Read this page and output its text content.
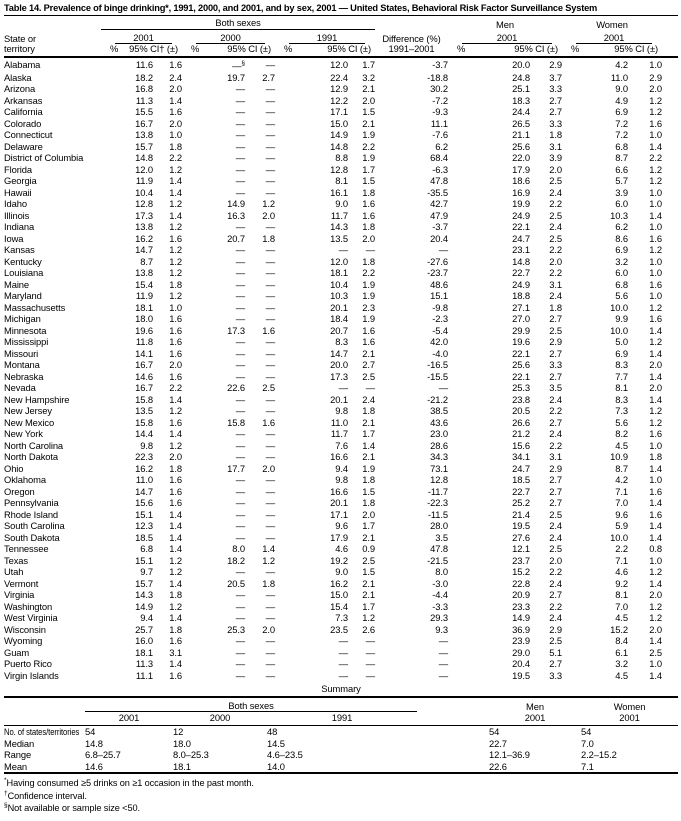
Table 14. Prevalence of binge drinking*, 1991, 2000, and 2001, and by sex, 2001 — United States, Behavioral Risk Factor Surveillance System
	Both sexes							Men		Women		
State or	2001		2000		1991		Difference (%)	2001		2001		

territory	% 95% CI† (±)		% 95% CI (±)		% 95% CI (±)		1991–2001	% 95% CI (±)		% 95% CI (±)		

Alabama	11.6	1.6	—§	—	12.0	1.7	-3.7	20.0	2.9	4.2	1.0	
Alaska	18.2	2.4	19.7	2.7	22.4	3.2	-18.8	24.8	3.7	11.0	2.9	
Arizona	16.8	2.0	—	—	12.9	2.1	30.2	25.1	3.3	9.0	2.0	
Arkansas	11.3	1.4	—	—	12.2	2.0	-7.2	18.3	2.7	4.9	1.2	
California	15.5	1.6	—	—	17.1	1.5	-9.3	24.4	2.7	6.9	1.2	
Colorado	16.7	2.0	—	—	15.0	2.1	11.1	26.5	3.3	7.2	1.6	
Connecticut	13.8	1.0	—	—	14.9	1.9	-7.6	21.1	1.8	7.2	1.0	
Delaware	15.7	1.8	—	—	14.8	2.2	6.2	25.6	3.1	6.8	1.4	
District of Columbia	14.8	2.2	—	—	8.8	1.9	68.4	22.0	3.9	8.7	2.2	
Florida	12.0	1.2	—	—	12.8	1.7	-6.3	17.9	2.0	6.6	1.2	
Georgia	11.9	1.4	—	—	8.1	1.5	47.8	18.6	2.5	5.7	1.2	
Hawaii	10.4	1.4	—	—	16.1	1.8	-35.5	16.9	2.4	3.9	1.0	
Idaho	12.8	1.2	14.9	1.2	9.0	1.6	42.7	19.9	2.2	6.0	1.0	
Illinois	17.3	1.4	16.3	2.0	11.7	1.6	47.9	24.9	2.5	10.3	1.4	
Indiana	13.8	1.2	—	—	14.3	1.8	-3.7	22.1	2.4	6.2	1.0	
Iowa	16.2	1.6	20.7	1.8	13.5	2.0	20.4	24.7	2.5	8.6	1.6	
Kansas	14.7	1.2	—	—	—	—	—	23.1	2.2	6.9	1.2	
Kentucky	8.7	1.2	—	—	12.0	1.8	-27.6	14.8	2.0	3.2	1.0	
Louisiana	13.8	1.2	—	—	18.1	2.2	-23.7	22.7	2.2	6.0	1.0	
Maine	15.4	1.8	—	—	10.4	1.9	48.6	24.9	3.1	6.8	1.6	
Maryland	11.9	1.2	—	—	10.3	1.9	15.1	18.8	2.4	5.6	1.0	
Massachusetts	18.1	1.0	—	—	20.1	2.3	-9.8	27.1	1.8	10.0	1.2	
Michigan	18.0	1.6	—	—	18.4	1.9	-2.3	27.0	2.7	9.9	1.6	
Minnesota	19.6	1.6	17.3	1.6	20.7	1.6	-5.4	29.9	2.5	10.0	1.4	
Mississippi	11.8	1.6	—	—	8.3	1.6	42.0	19.6	2.9	5.0	1.2	
Missouri	14.1	1.6	—	—	14.7	2.1	-4.0	22.1	2.7	6.9	1.4	
Montana	16.7	2.0	—	—	20.0	2.7	-16.5	25.6	3.3	8.3	2.0	
Nebraska	14.6	1.6	—	—	17.3	2.5	-15.5	22.1	2.7	7.7	1.4	
Nevada	16.7	2.2	22.6	2.5	—	—	—	25.3	3.5	8.1	2.0	
New Hampshire	15.8	1.4	—	—	20.1	2.4	-21.2	23.8	2.4	8.3	1.4	
New Jersey	13.5	1.2	—	—	9.8	1.8	38.5	20.5	2.2	7.3	1.2	
New Mexico	15.8	1.6	15.8	1.6	11.0	2.1	43.6	26.6	2.7	5.6	1.2	
New York	14.4	1.4	—	—	11.7	1.7	23.0	21.2	2.4	8.2	1.6	
North Carolina	9.8	1.2	—	—	7.6	1.4	28.6	15.6	2.2	4.5	1.0	
North Dakota	22.3	2.0	—	—	16.6	2.1	34.3	34.1	3.1	10.9	1.8	
Ohio	16.2	1.8	17.7	2.0	9.4	1.9	73.1	24.7	2.9	8.7	1.4	
Oklahoma	11.0	1.6	—	—	9.8	1.8	12.8	18.5	2.7	4.2	1.0	
Oregon	14.7	1.6	—	—	16.6	1.5	-11.7	22.7	2.7	7.1	1.6	
Pennsylvania	15.6	1.6	—	—	20.1	1.8	-22.3	25.2	2.7	7.0	1.4	
Rhode Island	15.1	1.4	—	—	17.1	2.0	-11.5	21.4	2.5	9.6	1.6	
South Carolina	12.3	1.4	—	—	9.6	1.7	28.0	19.5	2.4	5.9	1.4	
South Dakota	18.5	1.4	—	—	17.9	2.1	3.5	27.6	2.4	10.0	1.4	
Tennessee	6.8	1.4	8.0	1.4	4.6	0.9	47.8	12.1	2.5	2.2	0.8	
Texas	15.1	1.2	18.2	1.2	19.2	2.5	-21.5	23.7	2.0	7.1	1.0	
Utah	9.7	1.2	—	—	9.0	1.5	8.0	15.2	2.2	4.6	1.2	
Vermont	15.7	1.4	20.5	1.8	16.2	2.1	-3.0	22.8	2.4	9.2	1.4	
Virginia	14.3	1.8	—	—	15.0	2.1	-4.4	20.9	2.7	8.1	2.0	
Washington	14.9	1.2	—	—	15.4	1.7	-3.3	23.3	2.2	7.0	1.2	
West Virginia	9.4	1.4	—	—	7.3	1.2	29.3	14.9	2.4	4.5	1.2	
Wisconsin	25.7	1.8	25.3	2.0	23.5	2.6	9.3	36.9	2.9	15.2	2.0	
Wyoming	16.0	1.6	—	—	—	—	—	23.9	2.5	8.4	1.4	
Guam	18.1	3.1	—	—	—	—	—	29.0	5.1	6.1	2.5	
Puerto Rico	11.3	1.4	—	—	—	—	—	20.4	2.7	3.2	1.0	
Virgin Islands	11.1	1.6	—	—	—	—	—	19.5	3.3	4.5	1.4	
Summary
	Both sexes				Men	Women
	2001	2000	1991		2001	2001
No. of states/territories	54	12	48		54	54
Median	14.8	18.0	14.5		22.7	7.0
Range	6.8–25.7	8.0–25.3	4.6–23.5		12.1–36.9	2.2–15.2
Mean	14.6	18.1	14.0		22.6	7.1
*Having consumed ≥5 drinks on ≥1 occasion in the past month.
†Confidence interval.
§Not available or sample size <50.
